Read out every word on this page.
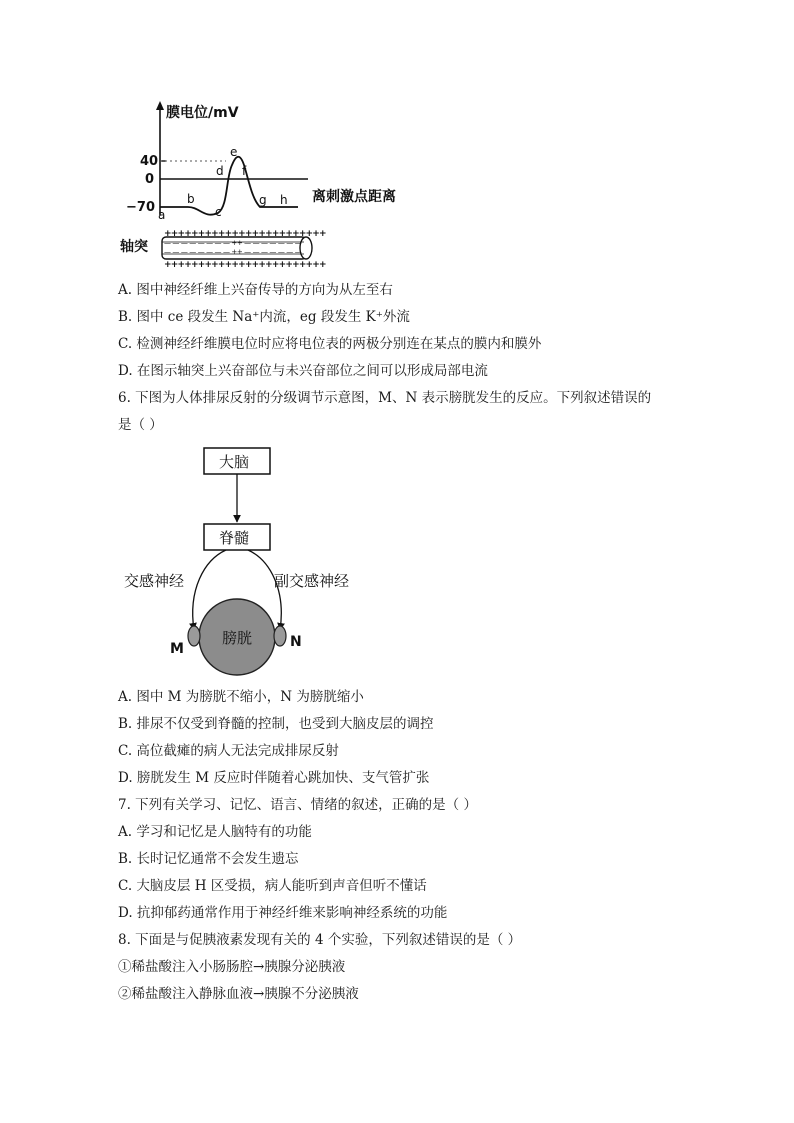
膜电位/mV
40
0
−70
离刺激点距离
a
b
c
d
e
f
g h
轴突
++++++++++++++++++++++++
— — — — — — — — ++ — — — — — — —
— — — — — — — — ++ — — — — — — —
++++++++++++++++++++++++
A. 图中神经纤维上兴奋传导的方向为从左至右
B. 图中 ce 段发生 Na⁺内流，eg 段发生 K⁺外流
C. 检测神经纤维膜电位时应将电位表的两极分别连在某点的膜内和膜外
D. 在图示轴突上兴奋部位与未兴奋部位之间可以形成局部电流
6. 下图为人体排尿反射的分级调节示意图，M、N 表示膀胱发生的反应。下列叙述错误的
是（ ）
大脑
脊髓
交感神经	副交感神经
膀胱
M	N
A. 图中 M 为膀胱不缩小，N 为膀胱缩小
B. 排尿不仅受到脊髓的控制，也受到大脑皮层的调控
C. 高位截瘫的病人无法完成排尿反射
D. 膀胱发生 M 反应时伴随着心跳加快、支气管扩张
7. 下列有关学习、记忆、语言、情绪的叙述，正确的是（ ）
A. 学习和记忆是人脑特有的功能
B. 长时记忆通常不会发生遗忘
C. 大脑皮层 H 区受损，病人能听到声音但听不懂话
D. 抗抑郁药通常作用于神经纤维来影响神经系统的功能
8. 下面是与促胰液素发现有关的 4 个实验，下列叙述错误的是（ ）
①稀盐酸注入小肠肠腔→胰腺分泌胰液
②稀盐酸注入静脉血液→胰腺不分泌胰液
